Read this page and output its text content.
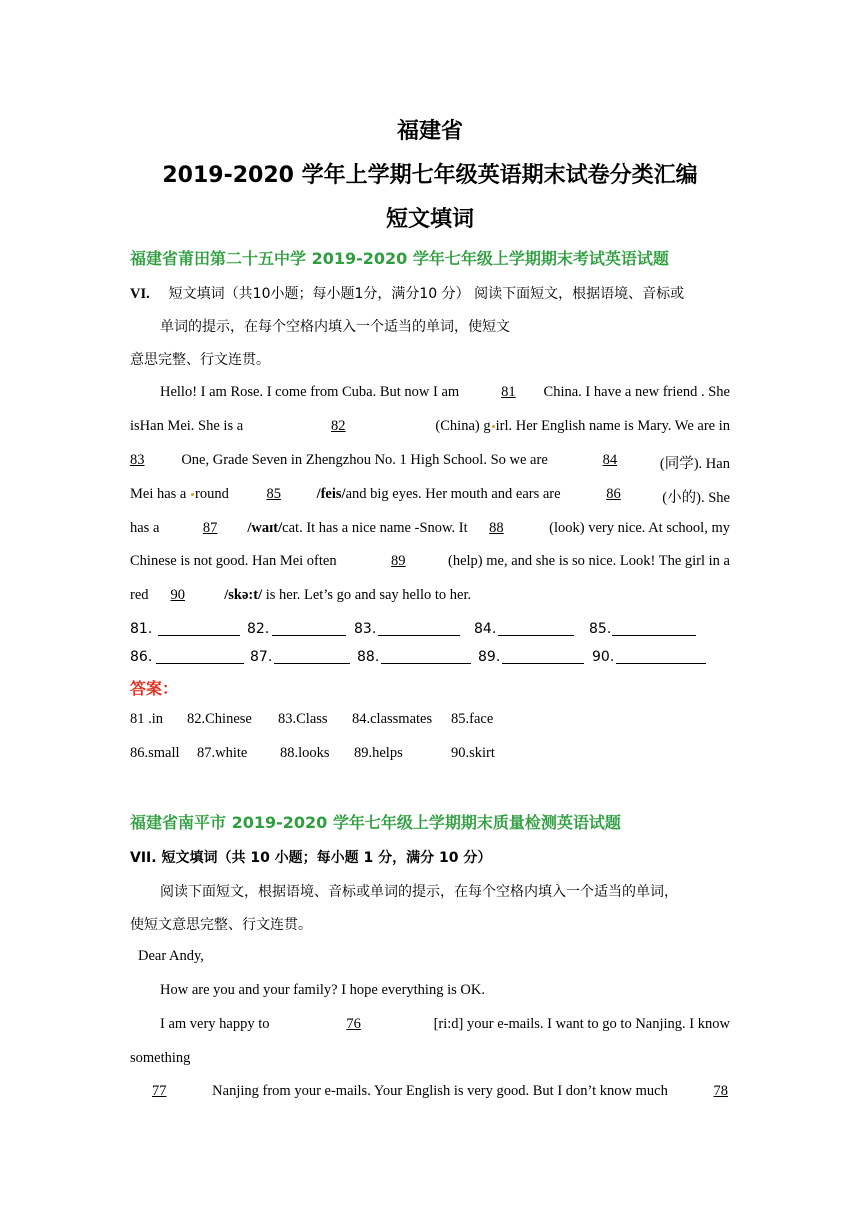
福建省
2019-2020 学年上学期七年级英语期末试卷分类汇编
短文填词
福建省莆田第二十五中学 2019-2020 学年七年级上学期期末考试英语试题
VI. 短文填词（共10小题；每小题1分，满分10 分） 阅读下面短文，根据语境、音标或
单词的提示，在每个空格内填入一个适当的单词，使短文
意思完整、行文连贯。
Hello! I am Rose. I come from Cuba. But now I am	81 China. I have a new friend . She
isHan Mei. She is a	82	(China) g irl. Her English name is Mary. We are in
83	One, Grade Seven in Zhengzhou No. 1 High School. So we are	84	(同学). Han
Mei has a round	85	/feis/and big eyes. Her mouth and ears are	86	(小的). She
has a	87 /waɪt/cat. It has a nice name -Snow. It 88	(look) very nice. At school, my
Chinese is not good. Han Mei often	89	(help) me, and she is so nice. Look! The girl in a
red 90	/skə:t/ is her. Let’s go and say hello to her.
81.	82.	83.	84.	85.
86.	87.	88.	89.	90.
答案：
81 .in 82.Chinese 83.Class 84.classmates 85.face
86.small 87.white 88.looks 89.helps	90.skirt
福建省南平市 2019-2020 学年七年级上学期期末质量检测英语试题
VII. 短文填词（共 10 小题；每小题 1 分，满分 10 分）
阅读下面短文，根据语境、音标或单词的提示，在每个空格内填入一个适当的单词，
使短文意思完整、行文连贯。
Dear Andy,
How are you and your family? I hope everything is OK.
I am very happy to	76	[ri:d] your e-mails. I want to go to Nanjing. I know
something
77	Nanjing from your e-mails. Your English is very good. But I don’t know much	78
